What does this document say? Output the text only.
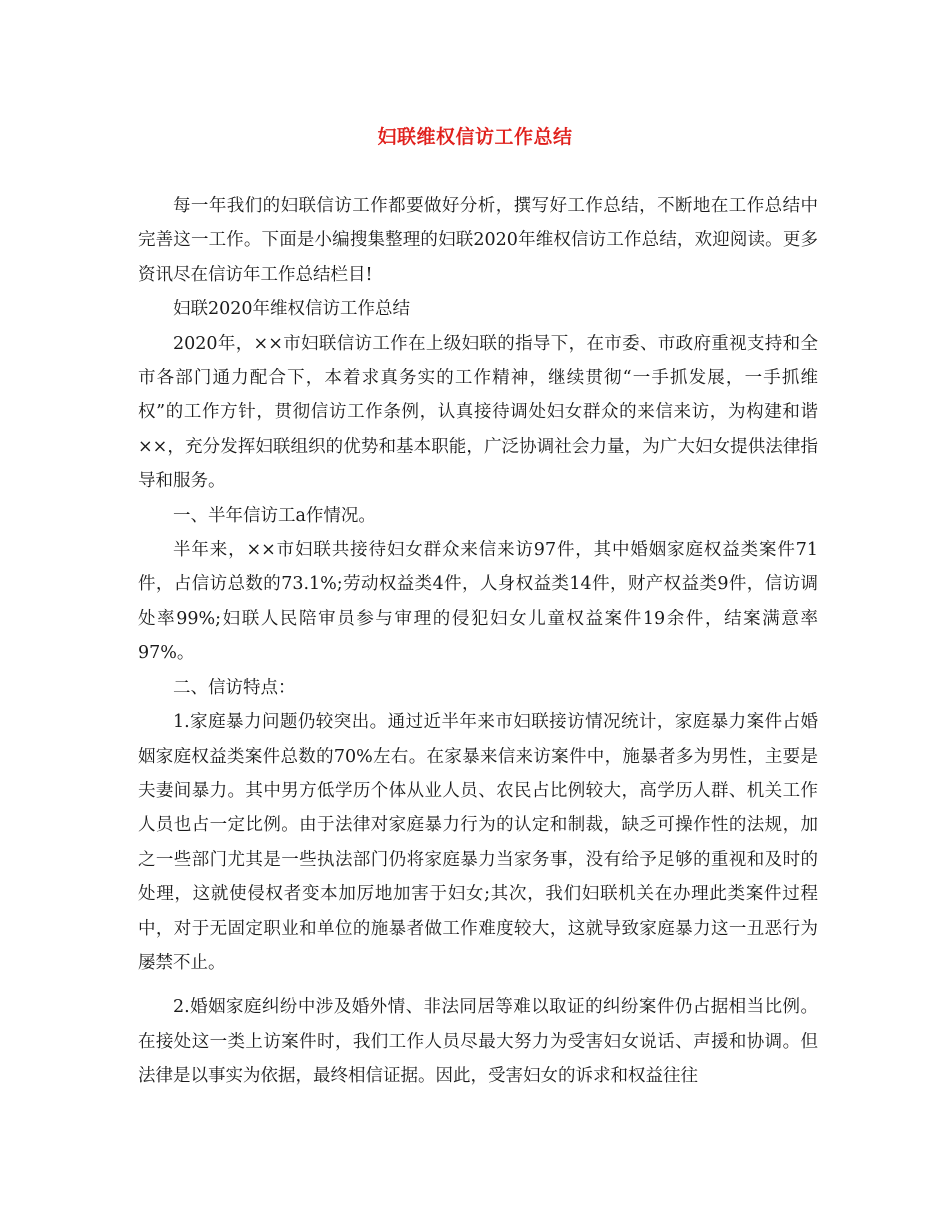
妇联维权信访工作总结

每一年我们的妇联信访工作都要做好分析，撰写好工作总结，不断地在工作总结中完善这一工作。下面是小编搜集整理的妇联2020年维权信访工作总结，欢迎阅读。更多资讯尽在信访年工作总结栏目!

妇联2020年维权信访工作总结

2020年，××市妇联信访工作在上级妇联的指导下，在市委、市政府重视支持和全市各部门通力配合下，本着求真务实的工作精神，继续贯彻“一手抓发展，一手抓维权”的工作方针，贯彻信访工作条例，认真接待调处妇女群众的来信来访，为构建和谐××，充分发挥妇联组织的优势和基本职能，广泛协调社会力量，为广大妇女提供法律指导和服务。

一、半年信访工a作情况。

半年来，××市妇联共接待妇女群众来信来访97件，其中婚姻家庭权益类案件71件，占信访总数的73.1%;劳动权益类4件，人身权益类14件，财产权益类9件，信访调处率99%;妇联人民陪审员参与审理的侵犯妇女儿童权益案件19余件，结案满意率97%。

二、信访特点：

1.家庭暴力问题仍较突出。通过近半年来市妇联接访情况统计，家庭暴力案件占婚姻家庭权益类案件总数的70%左右。在家暴来信来访案件中，施暴者多为男性，主要是夫妻间暴力。其中男方低学历个体从业人员、农民占比例较大，高学历人群、机关工作人员也占一定比例。由于法律对家庭暴力行为的认定和制裁，缺乏可操作性的法规，加之一些部门尤其是一些执法部门仍将家庭暴力当家务事，没有给予足够的重视和及时的处理，这就使侵权者变本加厉地加害于妇女;其次，我们妇联机关在办理此类案件过程中，对于无固定职业和单位的施暴者做工作难度较大，这就导致家庭暴力这一丑恶行为屡禁不止。

2.婚姻家庭纠纷中涉及婚外情、非法同居等难以取证的纠纷案件仍占据相当比例。在接处这一类上访案件时，我们工作人员尽最大努力为受害妇女说话、声援和协调。但法律是以事实为依据，最终相信证据。因此，受害妇女的诉求和权益往往
